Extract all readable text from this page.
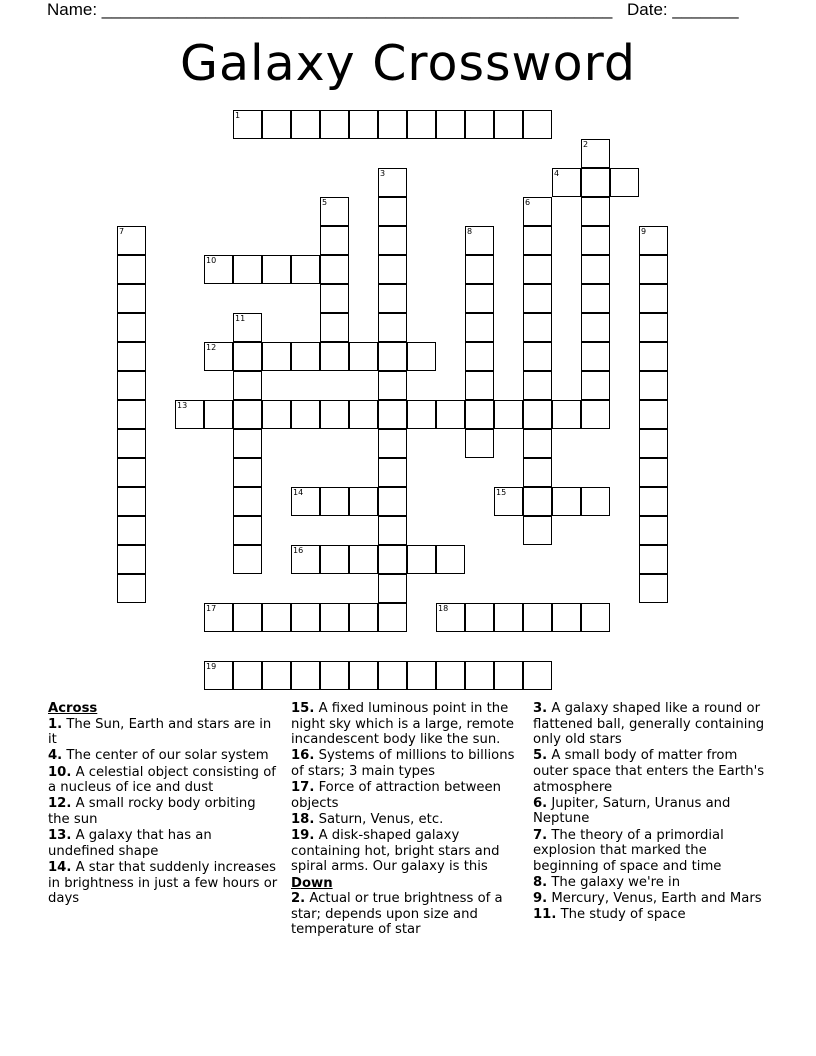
Name: ______________________________________________________ Date: _______
Galaxy Crossword
1
2
3	4
5	6
7	8	9
10
11
12
13
14	15
16
17	18
19
Across
1. The Sun, Earth and stars are in it
4. The center of our solar system
10. A celestial object consisting of a nucleus of ice and dust
12. A small rocky body orbiting the sun
13. A galaxy that has an undefined shape
14. A star that suddenly increases in brightness in just a few hours or days
15. A fixed luminous point in the night sky which is a large, remote incandescent body like the sun.
16. Systems of millions to billions of stars; 3 main types
17. Force of attraction between objects
18. Saturn, Venus, etc.
19. A disk-shaped galaxy containing hot, bright stars and spiral arms. Our galaxy is this
Down
2. Actual or true brightness of a star; depends upon size and temperature of star
3. A galaxy shaped like a round or flattened ball, generally containing only old stars
5. A small body of matter from outer space that enters the Earth's atmosphere
6. Jupiter, Saturn, Uranus and Neptune
7. The theory of a primordial explosion that marked the beginning of space and time
8. The galaxy we're in
9. Mercury, Venus, Earth and Mars
11. The study of space
